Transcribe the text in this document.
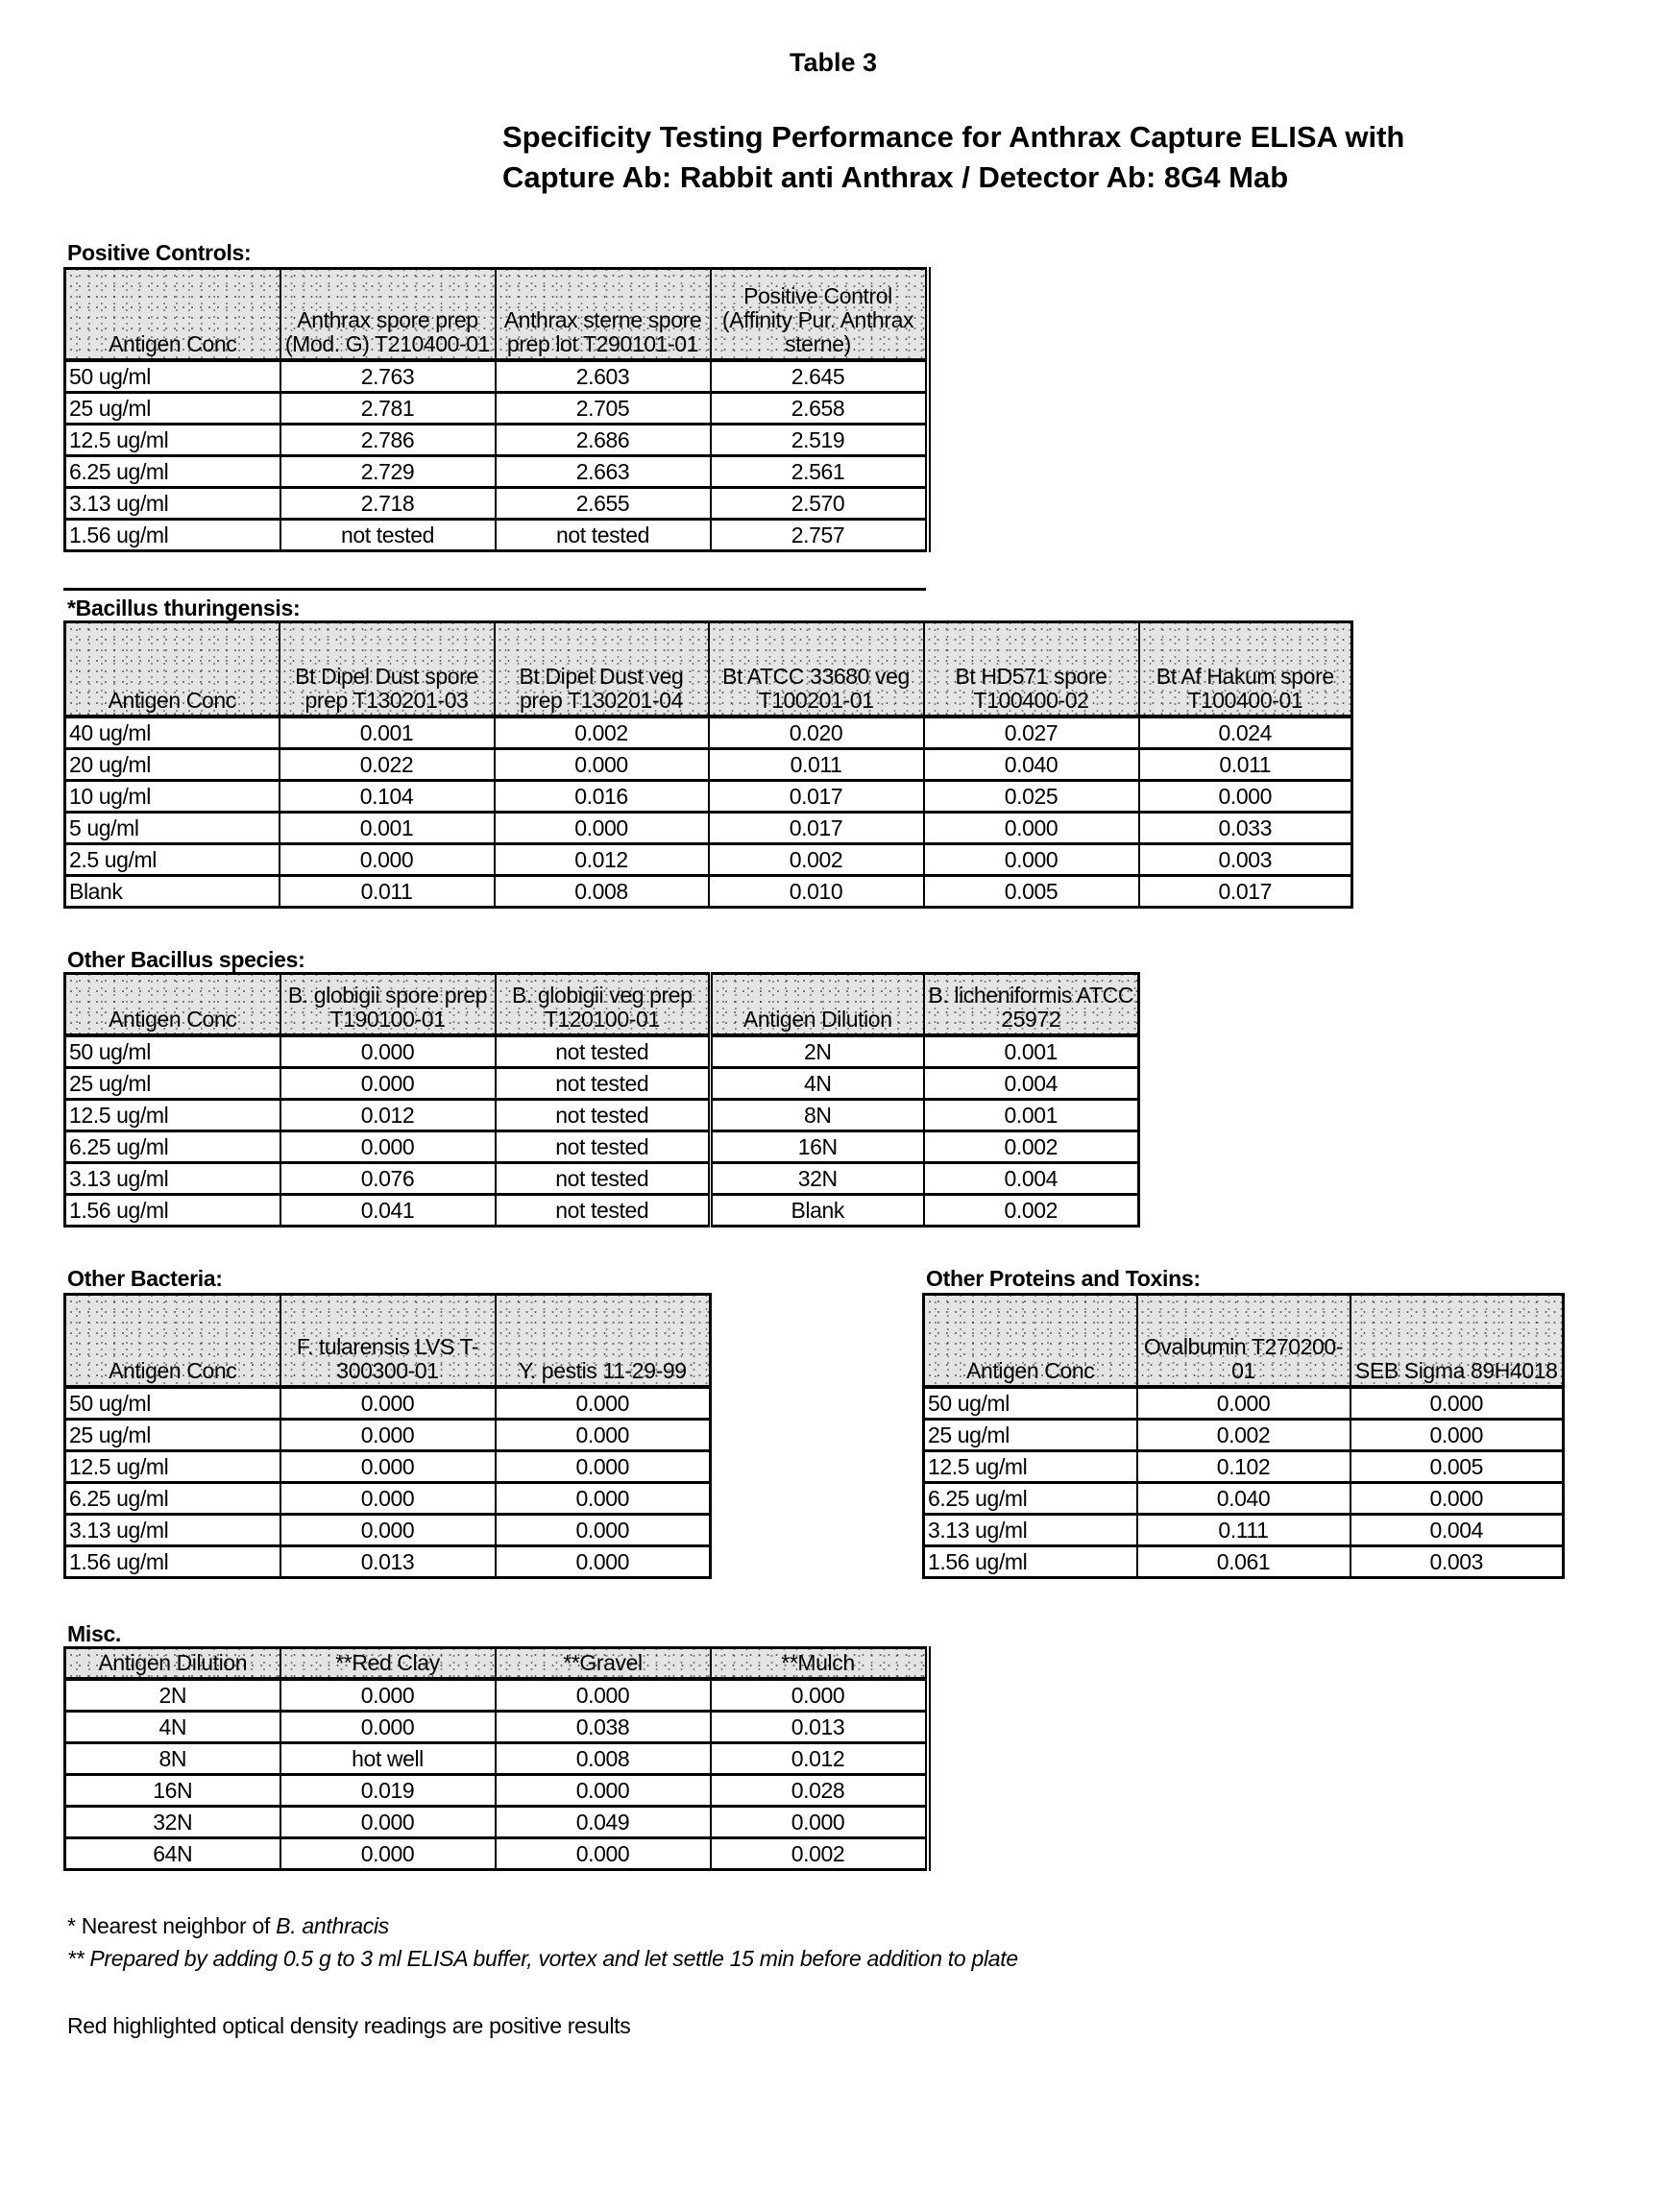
Table 3
Specificity Testing Performance for Anthrax Capture ELISA with
Capture Ab: Rabbit anti Anthrax / Detector Ab: 8G4 Mab
Positive Controls:
Antigen Conc	Anthrax spore prep (Mod. G) T210400-01	Anthrax sterne spore prep lot T290101-01	Positive Control (Affinity Pur. Anthrax sterne)
50 ug/ml	2.763	2.603	2.645
25 ug/ml	2.781	2.705	2.658
12.5 ug/ml	2.786	2.686	2.519
6.25 ug/ml	2.729	2.663	2.561
3.13 ug/ml	2.718	2.655	2.570
1.56 ug/ml	not tested	not tested	2.757
*Bacillus thuringensis:
Antigen Conc	Bt Dipel Dust spore prep T130201-03	Bt Dipel Dust veg prep T130201-04	Bt ATCC 33680 veg T100201-01	Bt HD571 spore T100400-02	Bt Af Hakum spore T100400-01
40 ug/ml	0.001	0.002	0.020	0.027	0.024
20 ug/ml	0.022	0.000	0.011	0.040	0.011
10 ug/ml	0.104	0.016	0.017	0.025	0.000
5 ug/ml	0.001	0.000	0.017	0.000	0.033
2.5 ug/ml	0.000	0.012	0.002	0.000	0.003
Blank	0.011	0.008	0.010	0.005	0.017
Other Bacillus species:
Antigen Conc	B. globigii spore prep T190100-01	B. globigii veg prep T120100-01	Antigen Dilution	B. licheniformis ATCC 25972
50 ug/ml	0.000	not tested	2N	0.001
25 ug/ml	0.000	not tested	4N	0.004
12.5 ug/ml	0.012	not tested	8N	0.001
6.25 ug/ml	0.000	not tested	16N	0.002
3.13 ug/ml	0.076	not tested	32N	0.004
1.56 ug/ml	0.041	not tested	Blank	0.002
Other Bacteria:
Antigen Conc	F. tularensis LVS T-300300-01	Y. pestis 11-29-99
50 ug/ml	0.000	0.000
25 ug/ml	0.000	0.000
12.5 ug/ml	0.000	0.000
6.25 ug/ml	0.000	0.000
3.13 ug/ml	0.000	0.000
1.56 ug/ml	0.013	0.000
Other Proteins and Toxins:
Antigen Conc	Ovalbumin T270200-01	SEB Sigma 89H4018
50 ug/ml	0.000	0.000
25 ug/ml	0.002	0.000
12.5 ug/ml	0.102	0.005
6.25 ug/ml	0.040	0.000
3.13 ug/ml	0.111	0.004
1.56 ug/ml	0.061	0.003
Misc.
Antigen Dilution	**Red Clay	**Gravel	**Mulch
2N	0.000	0.000	0.000
4N	0.000	0.038	0.013
8N	hot well	0.008	0.012
16N	0.019	0.000	0.028
32N	0.000	0.049	0.000
64N	0.000	0.000	0.002
* Nearest neighbor of B. anthracis
** Prepared by adding 0.5 g to 3 ml ELISA buffer, vortex and let settle 15 min before addition to plate
Red highlighted optical density readings are positive results
